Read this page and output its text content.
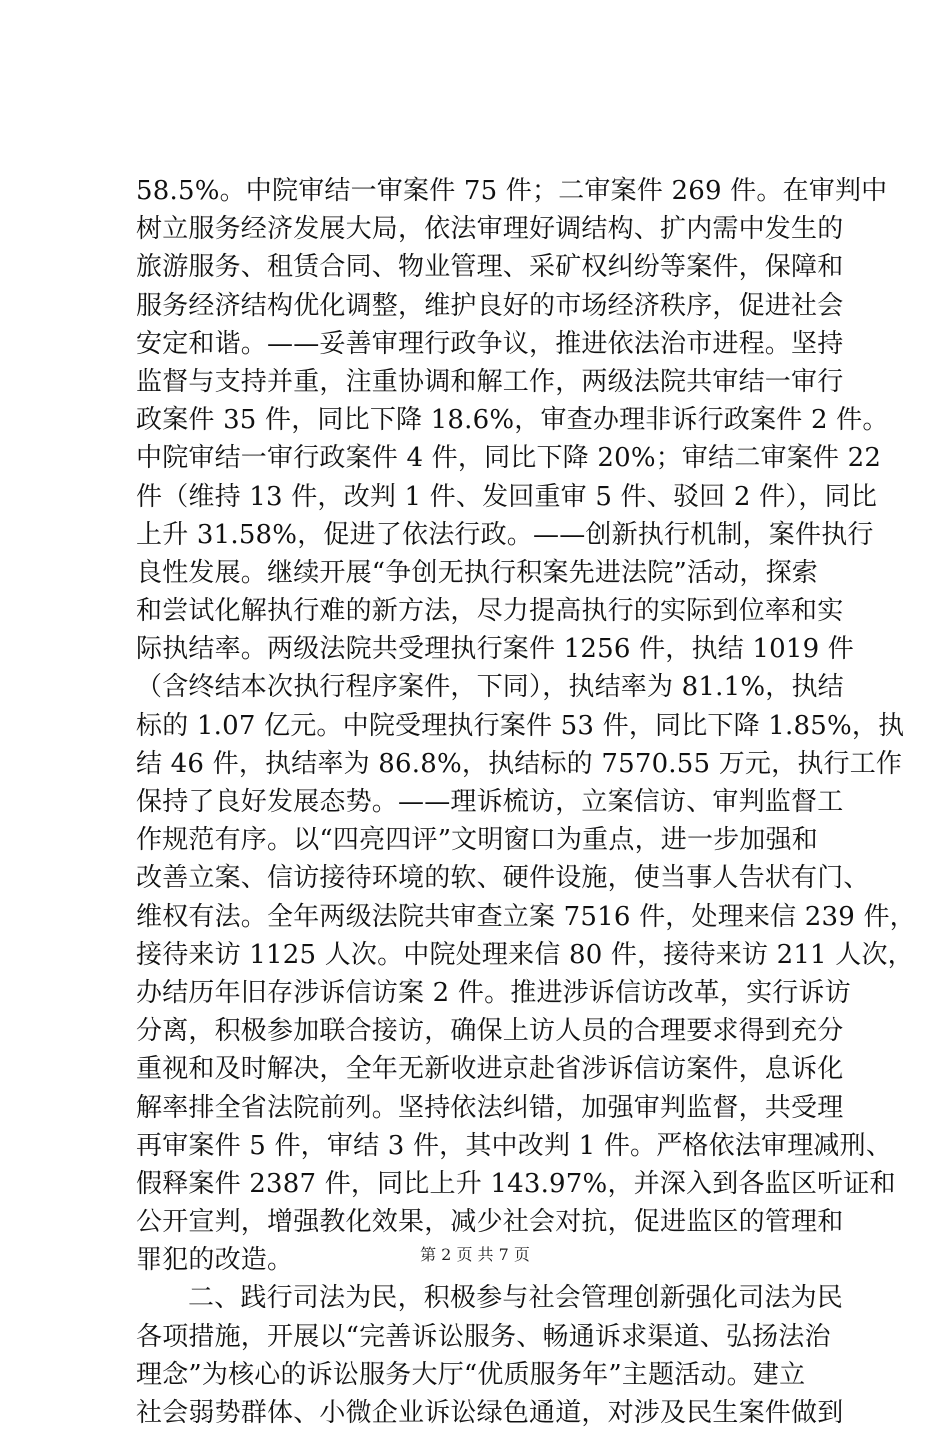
58.5%。中院审结一审案件 75 件；二审案件 269 件。在审判中
树立服务经济发展大局，依法审理好调结构、扩内需中发生的
旅游服务、租赁合同、物业管理、采矿权纠纷等案件，保障和
服务经济结构优化调整，维护良好的市场经济秩序，促进社会
安定和谐。——妥善审理行政争议，推进依法治市进程。坚持
监督与支持并重，注重协调和解工作，两级法院共审结一审行
政案件 35 件，同比下降 18.6%，审查办理非诉行政案件 2 件。
中院审结一审行政案件 4 件，同比下降 20%；审结二审案件 22
件（维持 13 件，改判 1 件、发回重审 5 件、驳回 2 件），同比
上升 31.58%，促进了依法行政。——创新执行机制，案件执行
良性发展。继续开展“争创无执行积案先进法院”活动，探索
和尝试化解执行难的新方法，尽力提高执行的实际到位率和实
际执结率。两级法院共受理执行案件 1256 件，执结 1019 件
（含终结本次执行程序案件，下同），执结率为 81.1%，执结
标的 1.07 亿元。中院受理执行案件 53 件，同比下降 1.85%，执
结 46 件，执结率为 86.8%，执结标的 7570.55 万元，执行工作
保持了良好发展态势。——理诉梳访，立案信访、审判监督工
作规范有序。以“四亮四评”文明窗口为重点，进一步加强和
改善立案、信访接待环境的软、硬件设施，使当事人告状有门、
维权有法。全年两级法院共审查立案 7516 件，处理来信 239 件，
接待来访 1125 人次。中院处理来信 80 件，接待来访 211 人次，
办结历年旧存涉诉信访案 2 件。推进涉诉信访改革，实行诉访
分离，积极参加联合接访，确保上访人员的合理要求得到充分
重视和及时解决，全年无新收进京赴省涉诉信访案件，息诉化
解率排全省法院前列。坚持依法纠错，加强审判监督，共受理
再审案件 5 件，审结 3 件，其中改判 1 件。严格依法审理减刑、
假释案件 2387 件，同比上升 143.97%，并深入到各监区听证和
公开宣判，增强教化效果，减少社会对抗，促进监区的管理和
罪犯的改造。
二、践行司法为民，积极参与社会管理创新强化司法为民
各项措施，开展以“完善诉讼服务、畅通诉求渠道、弘扬法治
理念”为核心的诉讼服务大厅“优质服务年”主题活动。建立
社会弱势群体、小微企业诉讼绿色通道，对涉及民生案件做到
第 2 页 共 7 页
